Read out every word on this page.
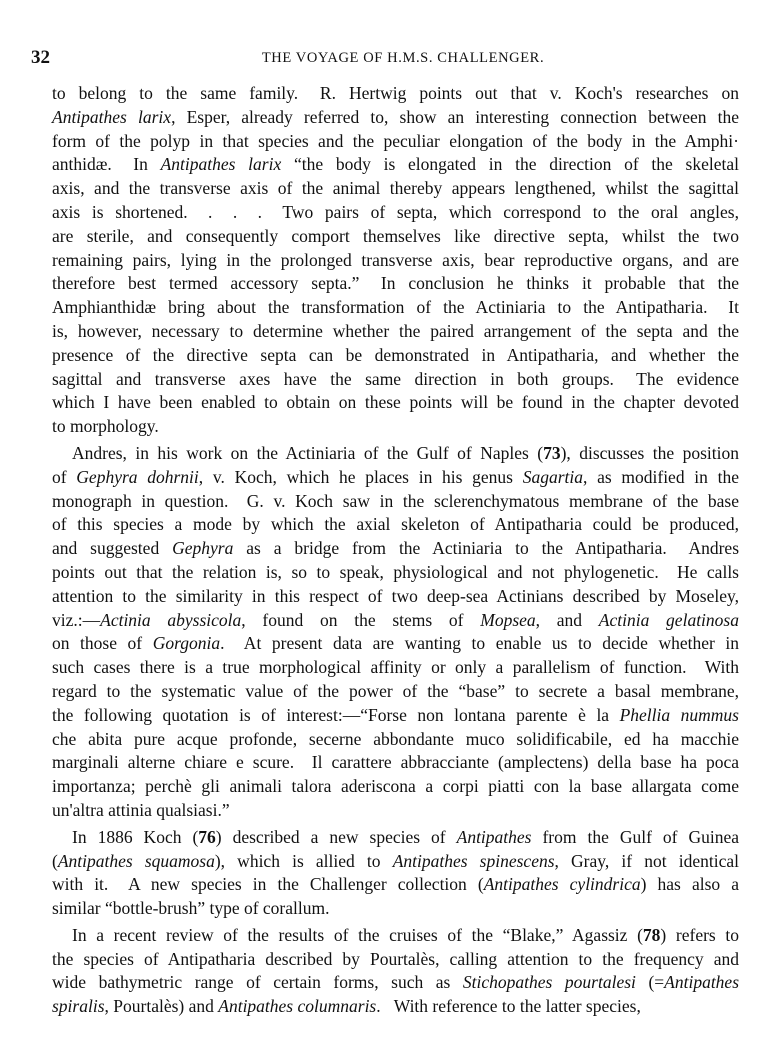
32	THE VOYAGE OF H.M.S. CHALLENGER.
to belong to the same family.  R. Hertwig points out that v. Koch's researches on
Antipathes larix, Esper, already referred to, show an interesting connection between the
form of the polyp in that species and the peculiar elongation of the body in the Amphi·
anthidæ.  In Antipathes larix “the body is elongated in the direction of the skeletal
axis, and the transverse axis of the animal thereby appears lengthened, whilst the sagittal
axis is shortened.  .  .  .  Two pairs of septa, which correspond to the oral angles,
are sterile, and consequently comport themselves like directive septa, whilst the two
remaining pairs, lying in the prolonged transverse axis, bear reproductive organs, and are
therefore best termed accessory septa.”  In conclusion he thinks it probable that the
Amphianthidæ bring about the transformation of the Actiniaria to the Antipatharia.  It
is, however, necessary to determine whether the paired arrangement of the septa and the
presence of the directive septa can be demonstrated in Antipatharia, and whether the
sagittal and transverse axes have the same direction in both groups.  The evidence
which I have been enabled to obtain on these points will be found in the chapter devoted
to morphology.
Andres, in his work on the Actiniaria of the Gulf of Naples (73), discusses the position
of Gephyra dohrnii, v. Koch, which he places in his genus Sagartia, as modified in the
monograph in question.  G. v. Koch saw in the sclerenchymatous membrane of the base
of this species a mode by which the axial skeleton of Antipatharia could be produced,
and suggested Gephyra as a bridge from the Actiniaria to the Antipatharia.  Andres
points out that the relation is, so to speak, physiological and not phylogenetic.  He calls
attention to the similarity in this respect of two deep-sea Actinians described by Moseley,
viz.:—Actinia abyssicola, found on the stems of Mopsea, and Actinia gelatinosa
on those of Gorgonia.  At present data are wanting to enable us to decide whether in
such cases there is a true morphological affinity or only a parallelism of function.  With
regard to the systematic value of the power of the “base” to secrete a basal membrane,
the following quotation is of interest:—“Forse non lontana parente è la Phellia nummus
che abita pure acque profonde, secerne abbondante muco solidificabile, ed ha macchie
marginali alterne chiare e scure.  Il carattere abbracciante (amplectens) della base ha poca
importanza; perchè gli animali talora aderiscona a corpi piatti con la base allargata come
un'altra attinia qualsiasi.”
In 1886 Koch (76) described a new species of Antipathes from the Gulf of Guinea
(Antipathes squamosa), which is allied to Antipathes spinescens, Gray, if not identical
with it.  A new species in the Challenger collection (Antipathes cylindrica) has also a
similar “bottle-brush” type of corallum.
In a recent review of the results of the cruises of the “Blake,” Agassiz (78) refers to
the species of Antipatharia described by Pourtalès, calling attention to the frequency and
wide bathymetric range of certain forms, such as Stichopathes pourtalesi (=Antipathes
spiralis, Pourtalès) and Antipathes columnaris.  With reference to the latter species,
